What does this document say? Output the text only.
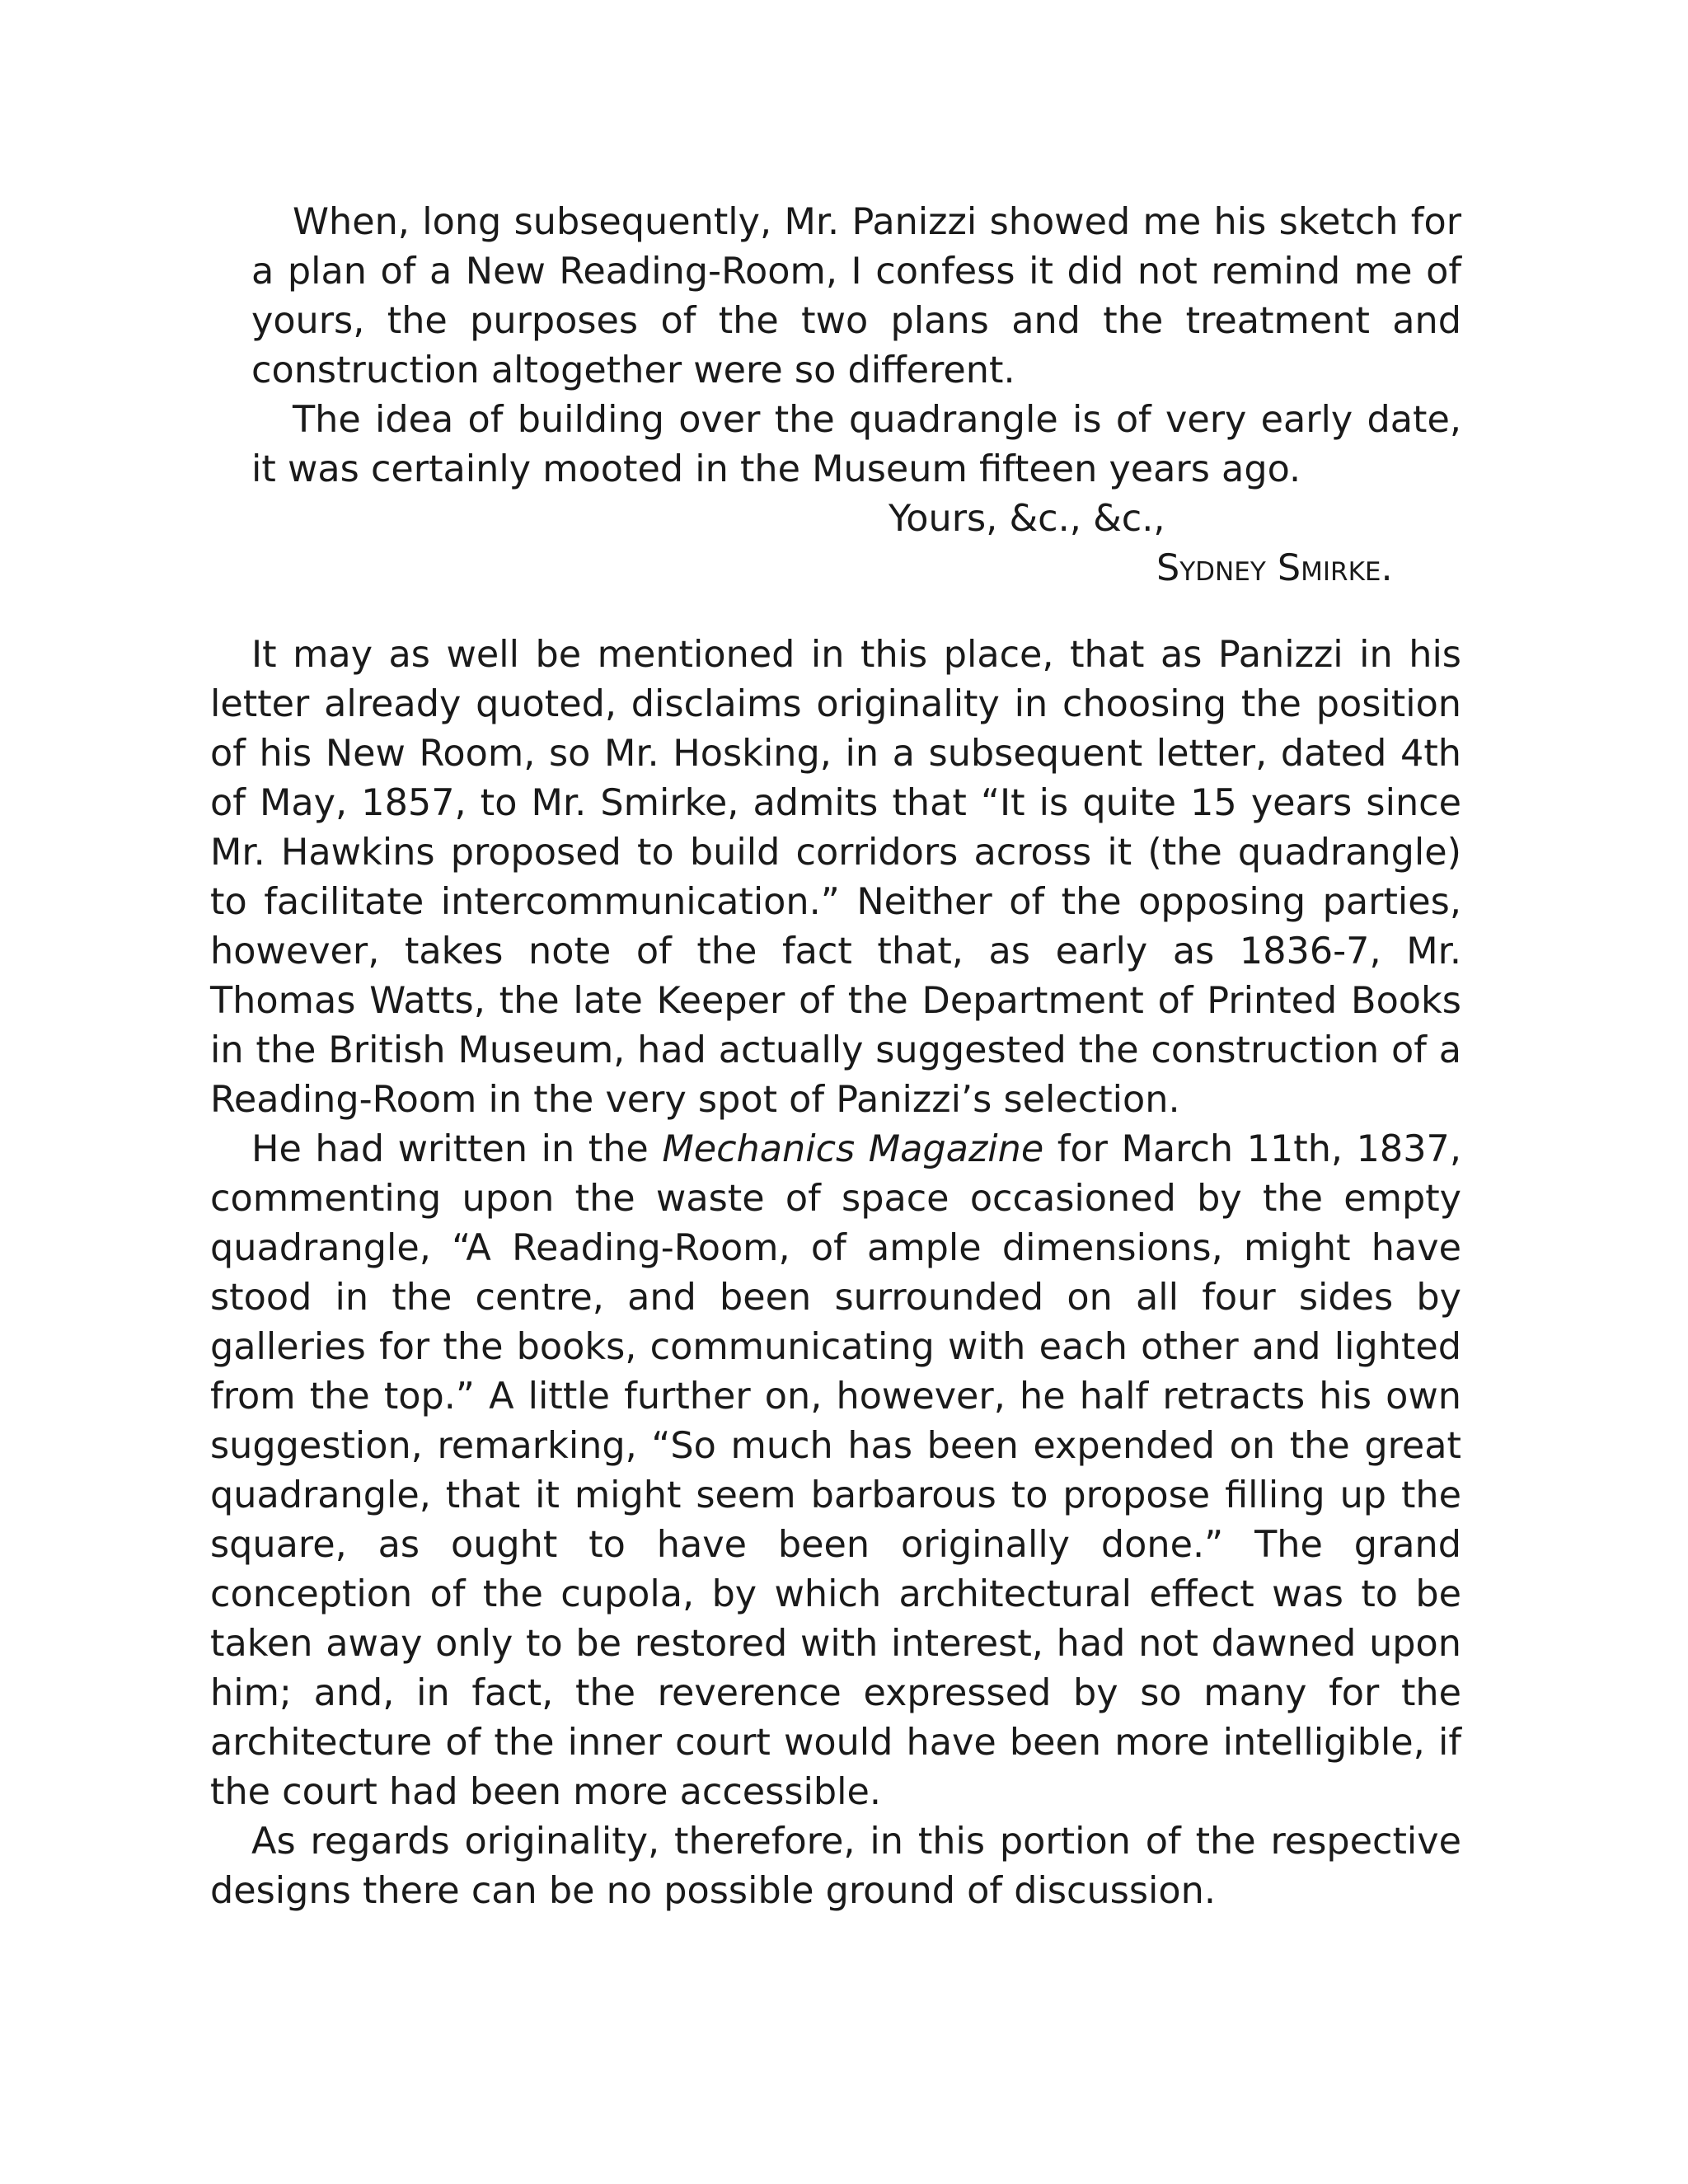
When, long subsequently, Mr. Panizzi showed me his sketch for a plan of a New Reading-Room, I confess it did not remind me of yours, the purposes of the two plans and the treatment and construction altogether were so different.

The idea of building over the quadrangle is of very early date, it was certainly mooted in the Museum fifteen years ago.

Yours, &c., &c.,

Sydney Smirke.

It may as well be mentioned in this place, that as Panizzi in his letter already quoted, disclaims originality in choosing the position of his New Room, so Mr. Hosking, in a subsequent letter, dated 4th of May, 1857, to Mr. Smirke, admits that “It is quite 15 years since Mr. Hawkins proposed to build corridors across it (the quadrangle) to facilitate intercommunication.” Neither of the opposing parties, however, takes note of the fact that, as early as 1836-7, Mr. Thomas Watts, the late Keeper of the Department of Printed Books in the British Museum, had actually suggested the construction of a Reading-Room in the very spot of Panizzi’s selection.

He had written in the Mechanics Magazine for March 11th, 1837, commenting upon the waste of space occasioned by the empty quadrangle, “A Reading-Room, of ample dimensions, might have stood in the centre, and been surrounded on all four sides by galleries for the books, communicating with each other and lighted from the top.” A little further on, however, he half retracts his own suggestion, remarking, “So much has been expended on the great quadrangle, that it might seem barbarous to propose filling up the square, as ought to have been originally done.” The grand conception of the cupola, by which architectural effect was to be taken away only to be restored with interest, had not dawned upon him; and, in fact, the reverence expressed by so many for the architecture of the inner court would have been more intelligible, if the court had been more accessible.

As regards originality, therefore, in this portion of the respective designs there can be no possible ground of discussion.
